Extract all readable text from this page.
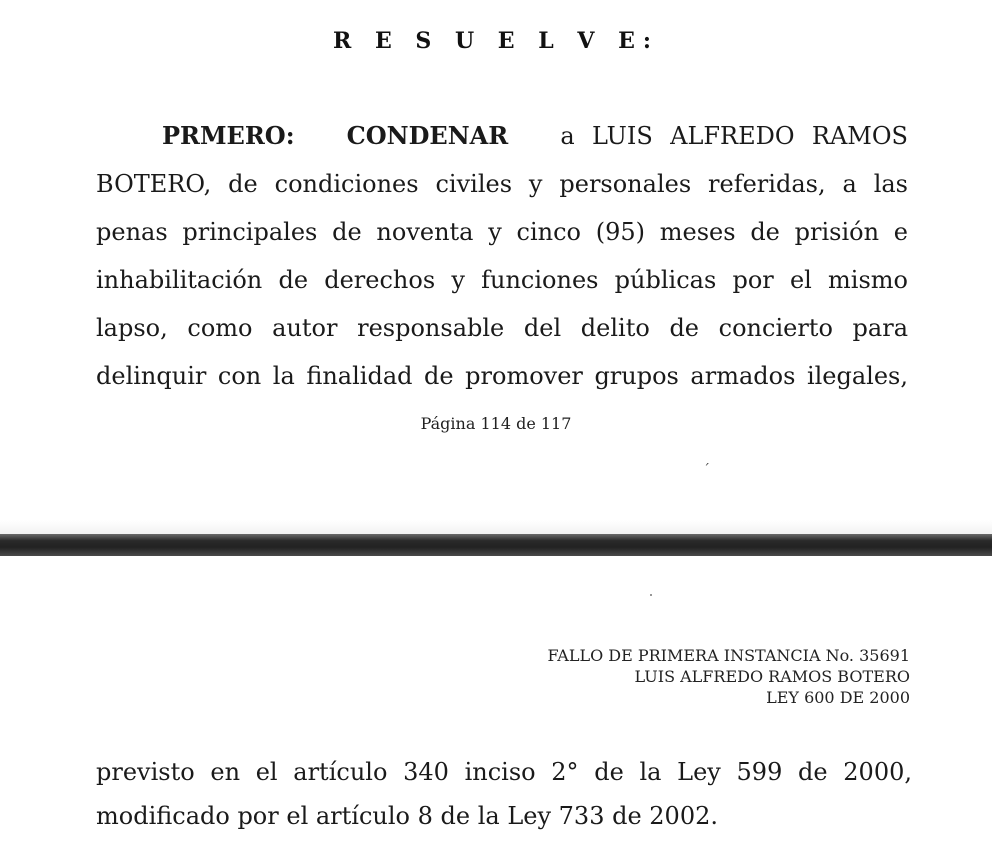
R E S U E L V E:
PRMERO: CONDENAR a LUIS ALFREDO RAMOS
BOTERO, de condiciones civiles y personales referidas, a las
penas principales de noventa y cinco (95) meses de prisión e
inhabilitación de derechos y funciones públicas por el mismo
lapso, como autor responsable del delito de concierto para
delinquir con la finalidad de promover grupos armados ilegales,
Página 114 de 117
ˊ
FALLO DE PRIMERA INSTANCIA No. 35691
LUIS ALFREDO RAMOS BOTERO
LEY 600 DE 2000
previsto en el artículo 340 inciso 2° de la Ley 599 de 2000,
modificado por el artículo 8 de la Ley 733 de 2002.
